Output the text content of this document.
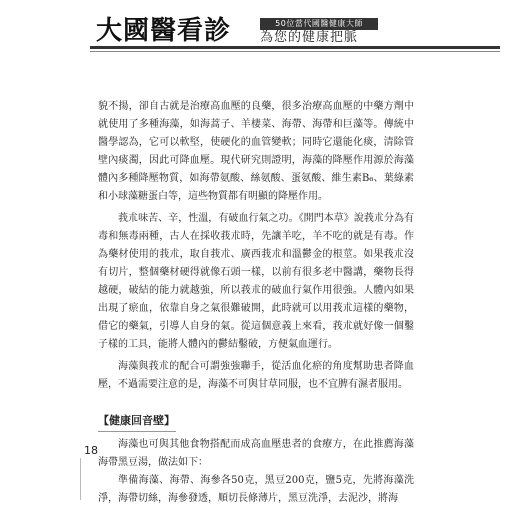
大國醫看診	50位當代國醫健康大師
為您的健康把脈

貌不揚，卻自古就是治療高血壓的良藥，很多治療高血壓的中藥方劑中就使用了多種海藻，如海蒿子、羊棲菜、海帶、海帶和巨藻等。傳統中醫學認為，它可以軟堅，使硬化的血管變軟；同時它還能化痰，清除管壁內痰濁，因此可降血壓。現代研究則證明，海藻的降壓作用源於海藻體內多種降壓物質，如海帶氨酸、絲氨酸、蛋氨酸、維生素B₆、葉綠素和小球藻糖蛋白等，這些物質都有明顯的降壓作用。

莪朮味苦、辛，性溫，有破血行氣之功。《開門本草》說莪朮分為有毒和無毒兩種，古人在採收莪朮時，先讓羊吃，羊不吃的就是有毒。作為藥材使用的莪朮，取自莪朮、廣西莪朮和溫鬱金的根莖。如果莪朮沒有切片，整個藥材硬得就像石頭一樣，以前有很多老中醫講，藥物長得越硬，破結的能力就越強，所以莪朮的破血行氣作用很強。人體內如果出現了瘀血，依靠自身之氣很難破開，此時就可以用莪朮這樣的藥物，借它的藥氣，引導人自身的氣。從這個意義上來看，莪朮就好像一個鑿子樣的工具，能將人體內的鬱結鑿破，方便氣血運行。

海藻與莪朮的配合可謂強強聯手，從活血化瘀的角度幫助患者降血壓，不過需要注意的是，海藻不可與甘草同服，也不宜脾有濕者服用。

【健康回音壁】

海藻也可與其他食物搭配而成高血壓患者的食療方，在此推薦海藻海帶黑豆湯，做法如下：

準備海藻、海帶、海參各50克，黑豆200克，鹽5克，先將海藻洗淨，海帶切絲，海參發透，順切長條薄片，黑豆洗淨，去泥沙，將海

18
